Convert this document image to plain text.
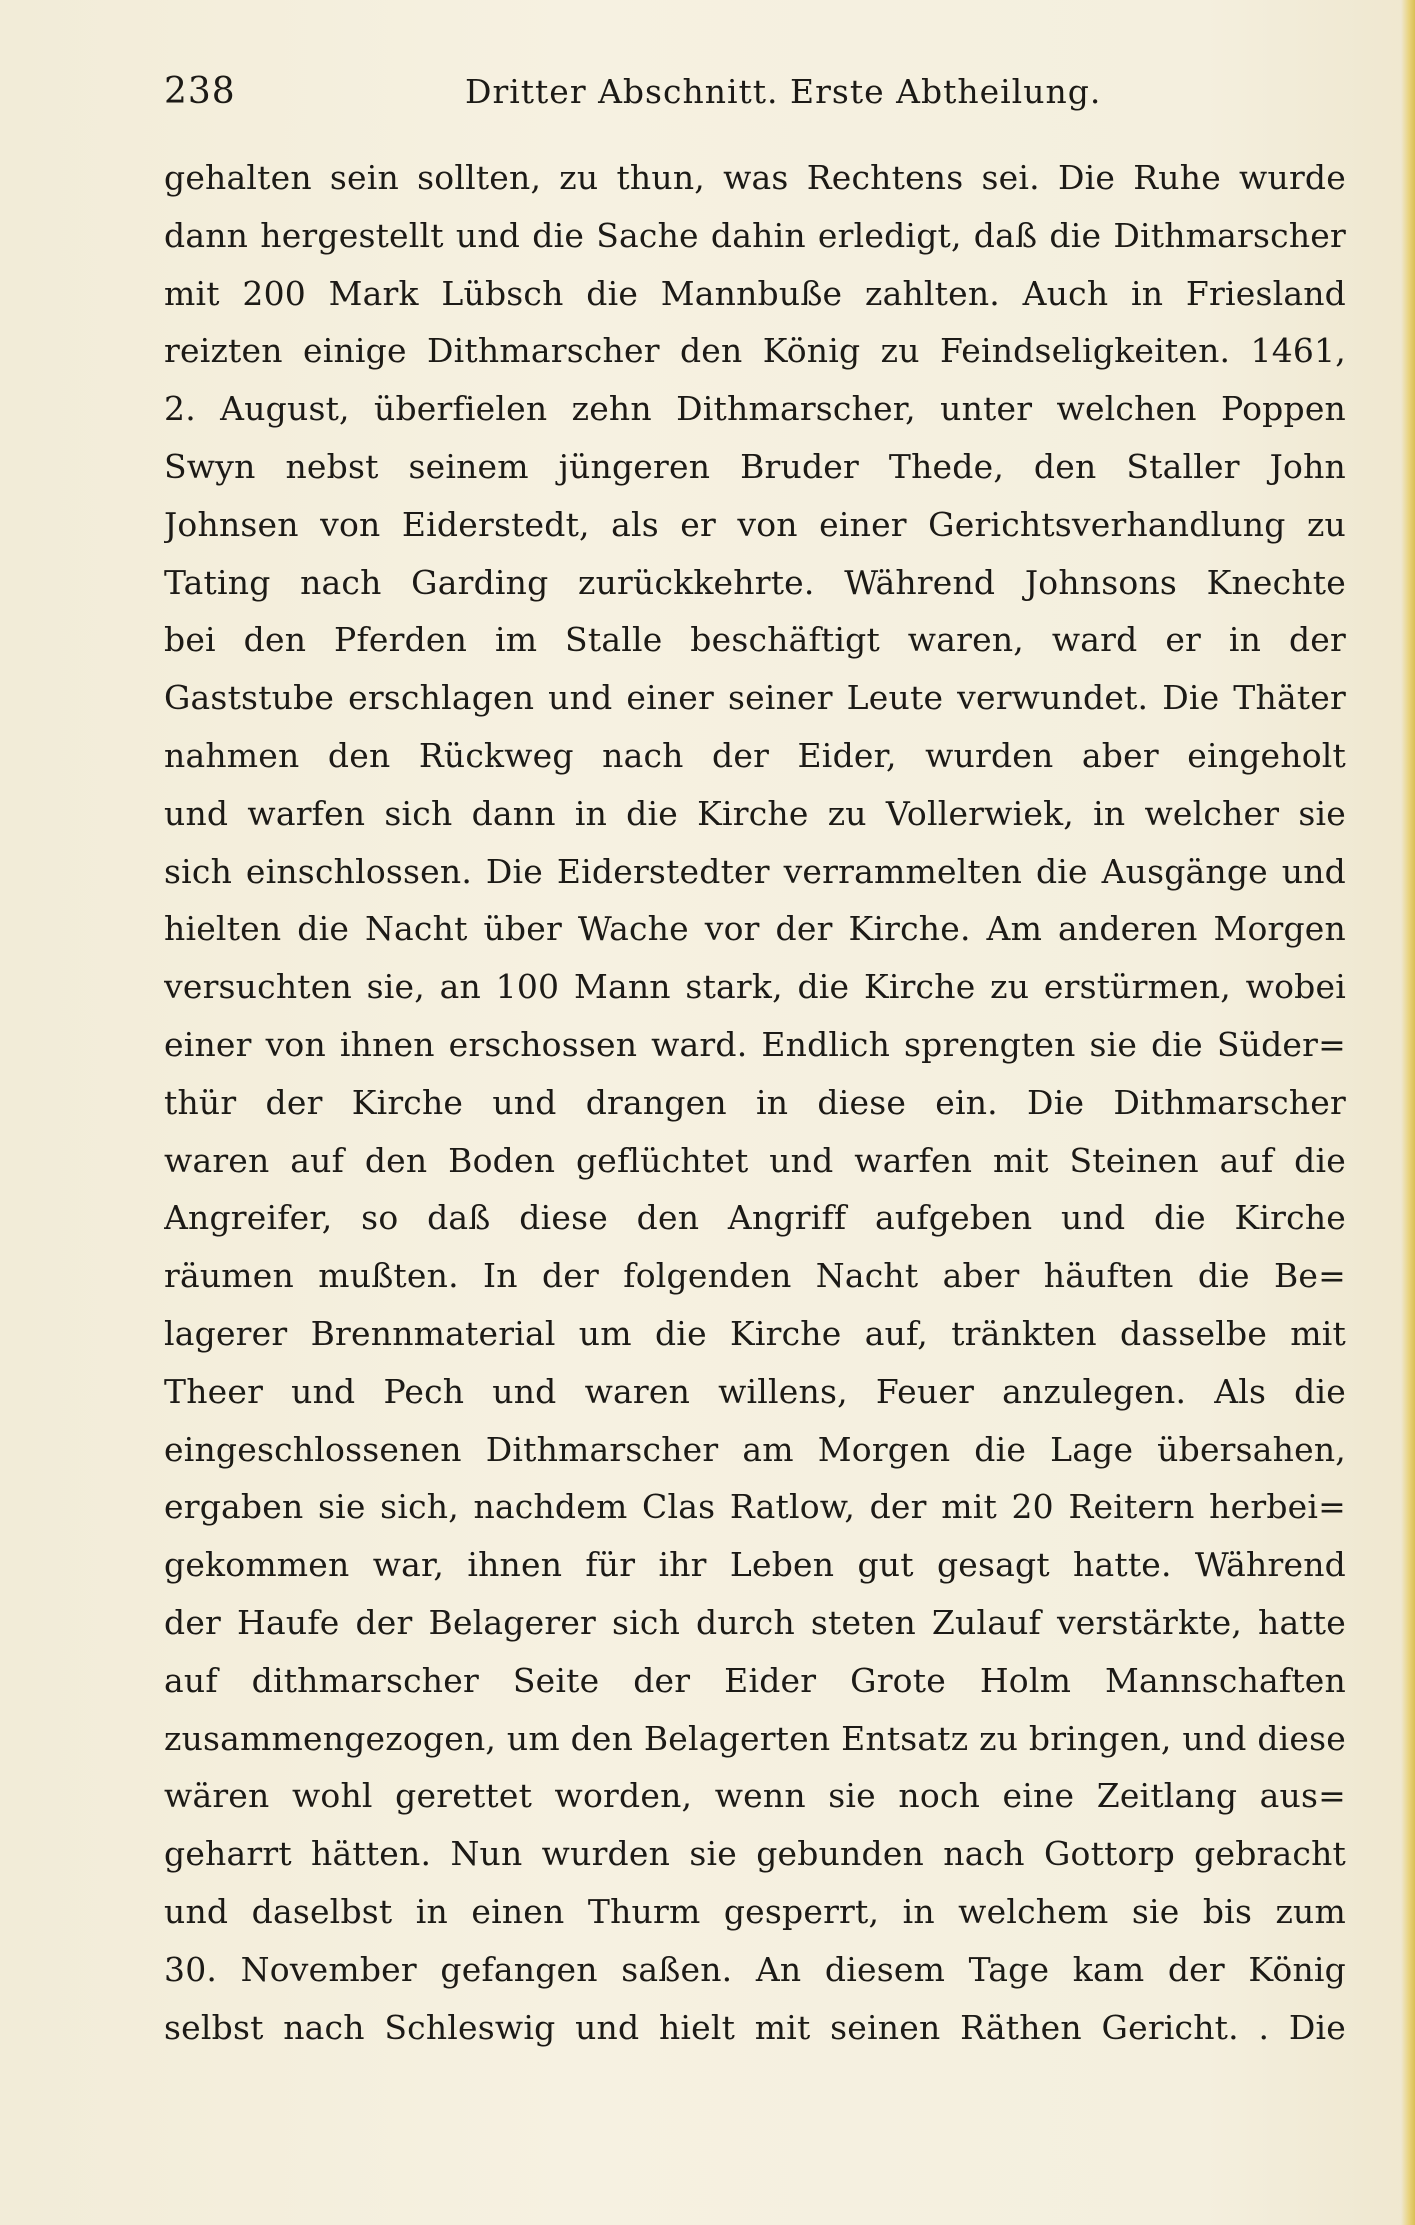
238	Dritter Abschnitt. Erste Abtheilung.
gehalten sein sollten, zu thun, was Rechtens sei. Die Ruhe wurde
dann hergestellt und die Sache dahin erledigt, daß die Dithmarscher
mit 200 Mark Lübsch die Mannbuße zahlten. Auch in Friesland
reizten einige Dithmarscher den König zu Feindseligkeiten. 1461,
2. August, überfielen zehn Dithmarscher, unter welchen Poppen
Swyn nebst seinem jüngeren Bruder Thede, den Staller John
Johnsen von Eiderstedt, als er von einer Gerichtsverhandlung zu
Tating nach Garding zurückkehrte. Während Johnsons Knechte
bei den Pferden im Stalle beschäftigt waren, ward er in der
Gaststube erschlagen und einer seiner Leute verwundet. Die Thäter
nahmen den Rückweg nach der Eider, wurden aber eingeholt
und warfen sich dann in die Kirche zu Vollerwiek, in welcher sie
sich einschlossen. Die Eiderstedter verrammelten die Ausgänge und
hielten die Nacht über Wache vor der Kirche. Am anderen Morgen
versuchten sie, an 100 Mann stark, die Kirche zu erstürmen, wobei
einer von ihnen erschossen ward. Endlich sprengten sie die Süder=
thür der Kirche und drangen in diese ein. Die Dithmarscher
waren auf den Boden geflüchtet und warfen mit Steinen auf die
Angreifer, so daß diese den Angriff aufgeben und die Kirche
räumen mußten. In der folgenden Nacht aber häuften die Be=
lagerer Brennmaterial um die Kirche auf, tränkten dasselbe mit
Theer und Pech und waren willens, Feuer anzulegen. Als die
eingeschlossenen Dithmarscher am Morgen die Lage übersahen,
ergaben sie sich, nachdem Clas Ratlow, der mit 20 Reitern herbei=
gekommen war, ihnen für ihr Leben gut gesagt hatte. Während
der Haufe der Belagerer sich durch steten Zulauf verstärkte, hatte
auf dithmarscher Seite der Eider Grote Holm Mannschaften
zusammengezogen, um den Belagerten Entsatz zu bringen, und diese
wären wohl gerettet worden, wenn sie noch eine Zeitlang aus=
geharrt hätten. Nun wurden sie gebunden nach Gottorp gebracht
und daselbst in einen Thurm gesperrt, in welchem sie bis zum
30. November gefangen saßen. An diesem Tage kam der König
selbst nach Schleswig und hielt mit seinen Räthen Gericht. . Die
